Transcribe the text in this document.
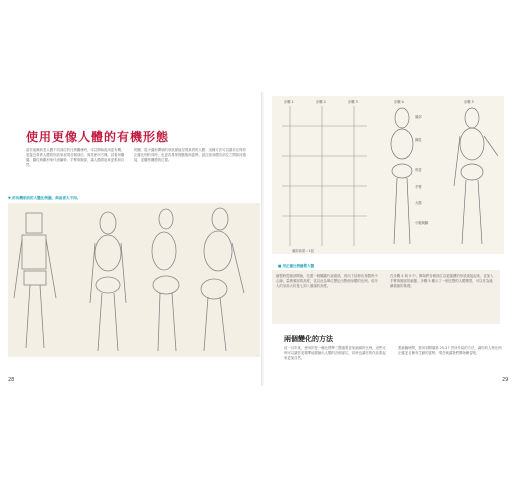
使用更像人體的有機形態
當你逐漸熟悉人體不同部位的比例關係時，可以開始改用更有機、更接近真實人體的形狀來表現各個部位。與其使用方塊，試著用橢圓、圓柱與錐形來代表軀幹、手臂與腿部，讓人體看起來更柔和自然。
的關，從小圓形開始的形狀最能呈現真實的人體；這種方法可以讓你在保持正確比例的同時，也更容易掌握動態與姿勢。請注意身體各部位之間如何連接，並觀察關節的位置。
▼ 用有機形狀的人體比例圖，與前者大不同。
28
步驟 1	步驟 2	步驟 3	步驟 4	步驟 5
頭部
胸腔
骨盆
手臂
大腿
小腿與腳
頭部高度＝1倍
■ 用正確比例繪製人體
繪製時從頭部開始，先畫一個橢圓代表頭部，再向下延伸出身體的中心線。量測頭部的高度，並以此為單位標記出整個身體的比例。成年人的身高大約是七到八個頭的高度。
在步驟 4 與 5 中，開始將各個部位以更圓潤的形狀連接起來，並加入手臂與腿部的細節。步驟 5 顯示了一個完整的人體模型，可以作為後續描繪的基礎。
兩個變化的方法
這一百年來，使用的是一種比標準三體還要更加細緻的比例，這些比例可以讓你更精準地描繪出人體的各個部位，同時也讓你的作品看起來更加自然。
張繪圖時間，要用到開頭第 25-27 頁所介紹的方法，讓你的人物比例正確並且擁有生動的姿勢，現在就讓我們開始練習吧。
29
